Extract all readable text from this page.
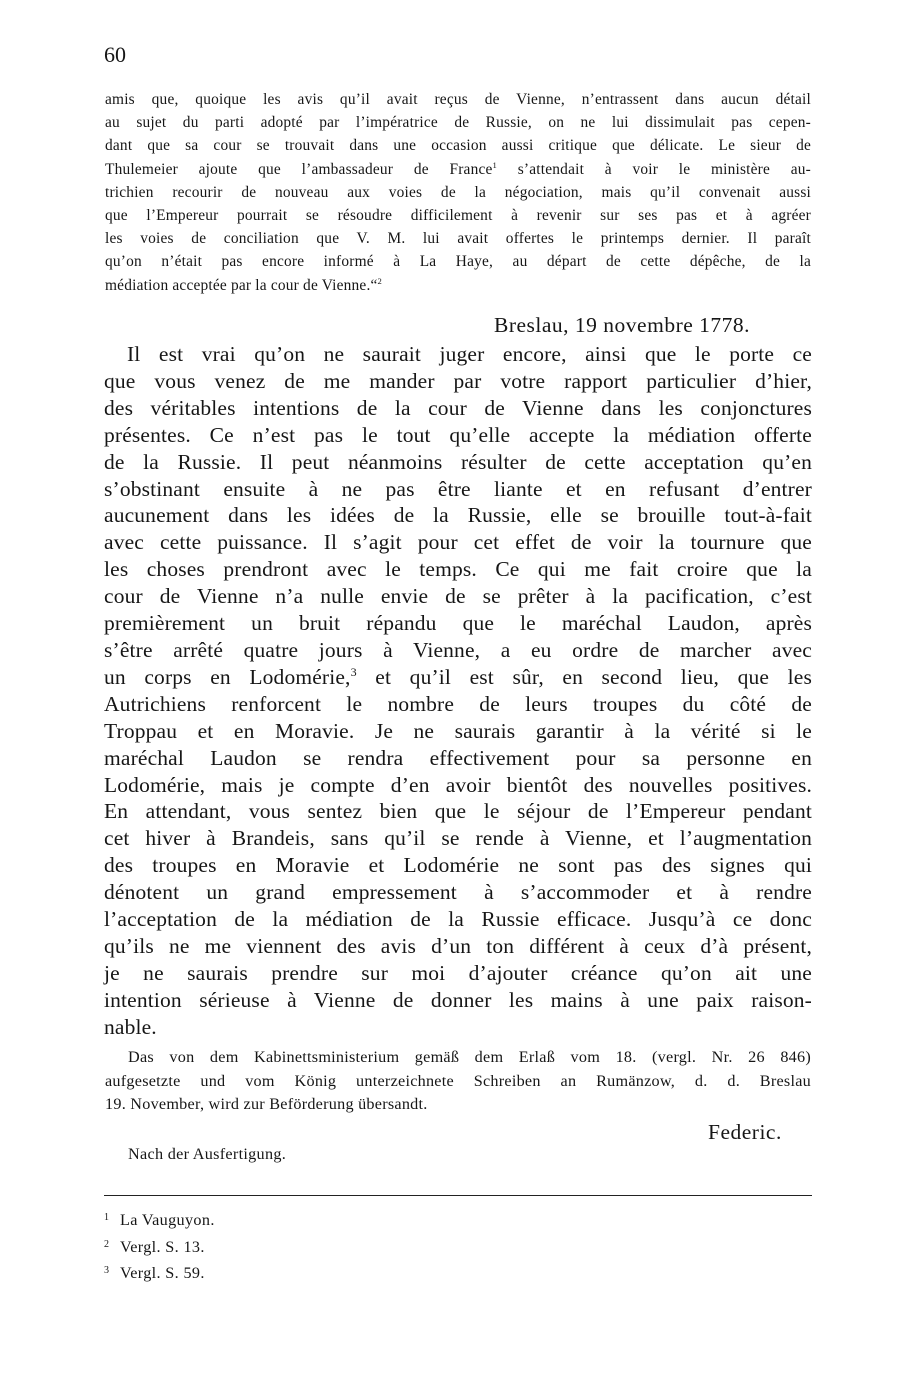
60
amis que, quoique les avis qu’il avait reçus de Vienne, n’entrassent dans aucun détail
au sujet du parti adopté par l’impératrice de Russie, on ne lui dissimulait pas cepen-
dant que sa cour se trouvait dans une occasion aussi critique que délicate. Le sieur de
Thulemeier ajoute que l’ambassadeur de France$^1$ s’attendait à voir le ministère au-
trichien recourir de nouveau aux voies de la négociation, mais qu’il convenait aussi
que l’Empereur pourrait se résoudre difficilement à revenir sur ses pas et à agréer
les voies de conciliation que V. M. lui avait offertes le printemps dernier. Il paraît
qu’on n’était pas encore informé à La Haye, au départ de cette dépêche, de la
médiation acceptée par la cour de Vienne.“$^2$
Breslau, 19 novembre 1778.
Il est vrai qu’on ne saurait juger encore, ainsi que le porte ce
que vous venez de me mander par votre rapport particulier d’hier,
des véritables intentions de la cour de Vienne dans les conjonctures
présentes. Ce n’est pas le tout qu’elle accepte la médiation offerte
de la Russie. Il peut néanmoins résulter de cette acceptation qu’en
s’obstinant ensuite à ne pas être liante et en refusant d’entrer
aucunement dans les idées de la Russie, elle se brouille tout-à-fait
avec cette puissance. Il s’agit pour cet effet de voir la tournure que
les choses prendront avec le temps. Ce qui me fait croire que la
cour de Vienne n’a nulle envie de se prêter à la pacification, c’est
premièrement un bruit répandu que le maréchal Laudon, après
s’être arrêté quatre jours à Vienne, a eu ordre de marcher avec
un corps en Lodomérie,$^3$ et qu’il est sûr, en second lieu, que les
Autrichiens renforcent le nombre de leurs troupes du côté de
Troppau et en Moravie. Je ne saurais garantir à la vérité si le
maréchal Laudon se rendra effectivement pour sa personne en
Lodomérie, mais je compte d’en avoir bientôt des nouvelles positives.
En attendant, vous sentez bien que le séjour de l’Empereur pendant
cet hiver à Brandeis, sans qu’il se rende à Vienne, et l’augmentation
des troupes en Moravie et Lodomérie ne sont pas des signes qui
dénotent un grand empressement à s’accommoder et à rendre
l’acceptation de la médiation de la Russie efficace. Jusqu’à ce donc
qu’ils ne me viennent des avis d’un ton différent à ceux d’à présent,
je ne saurais prendre sur moi d’ajouter créance qu’on ait une
intention sérieuse à Vienne de donner les mains à une paix raison-
nable.
Das von dem Kabinettsministerium gemäß dem Erlaß vom 18. (vergl. Nr. 26 846)
aufgesetzte und vom König unterzeichnete Schreiben an Rumänzow, d. d. Breslau
19. November, wird zur Beförderung übersandt.
Federic.
Nach der Ausfertigung.
1 La Vauguyon.
2 Vergl. S. 13.
3 Vergl. S. 59.
